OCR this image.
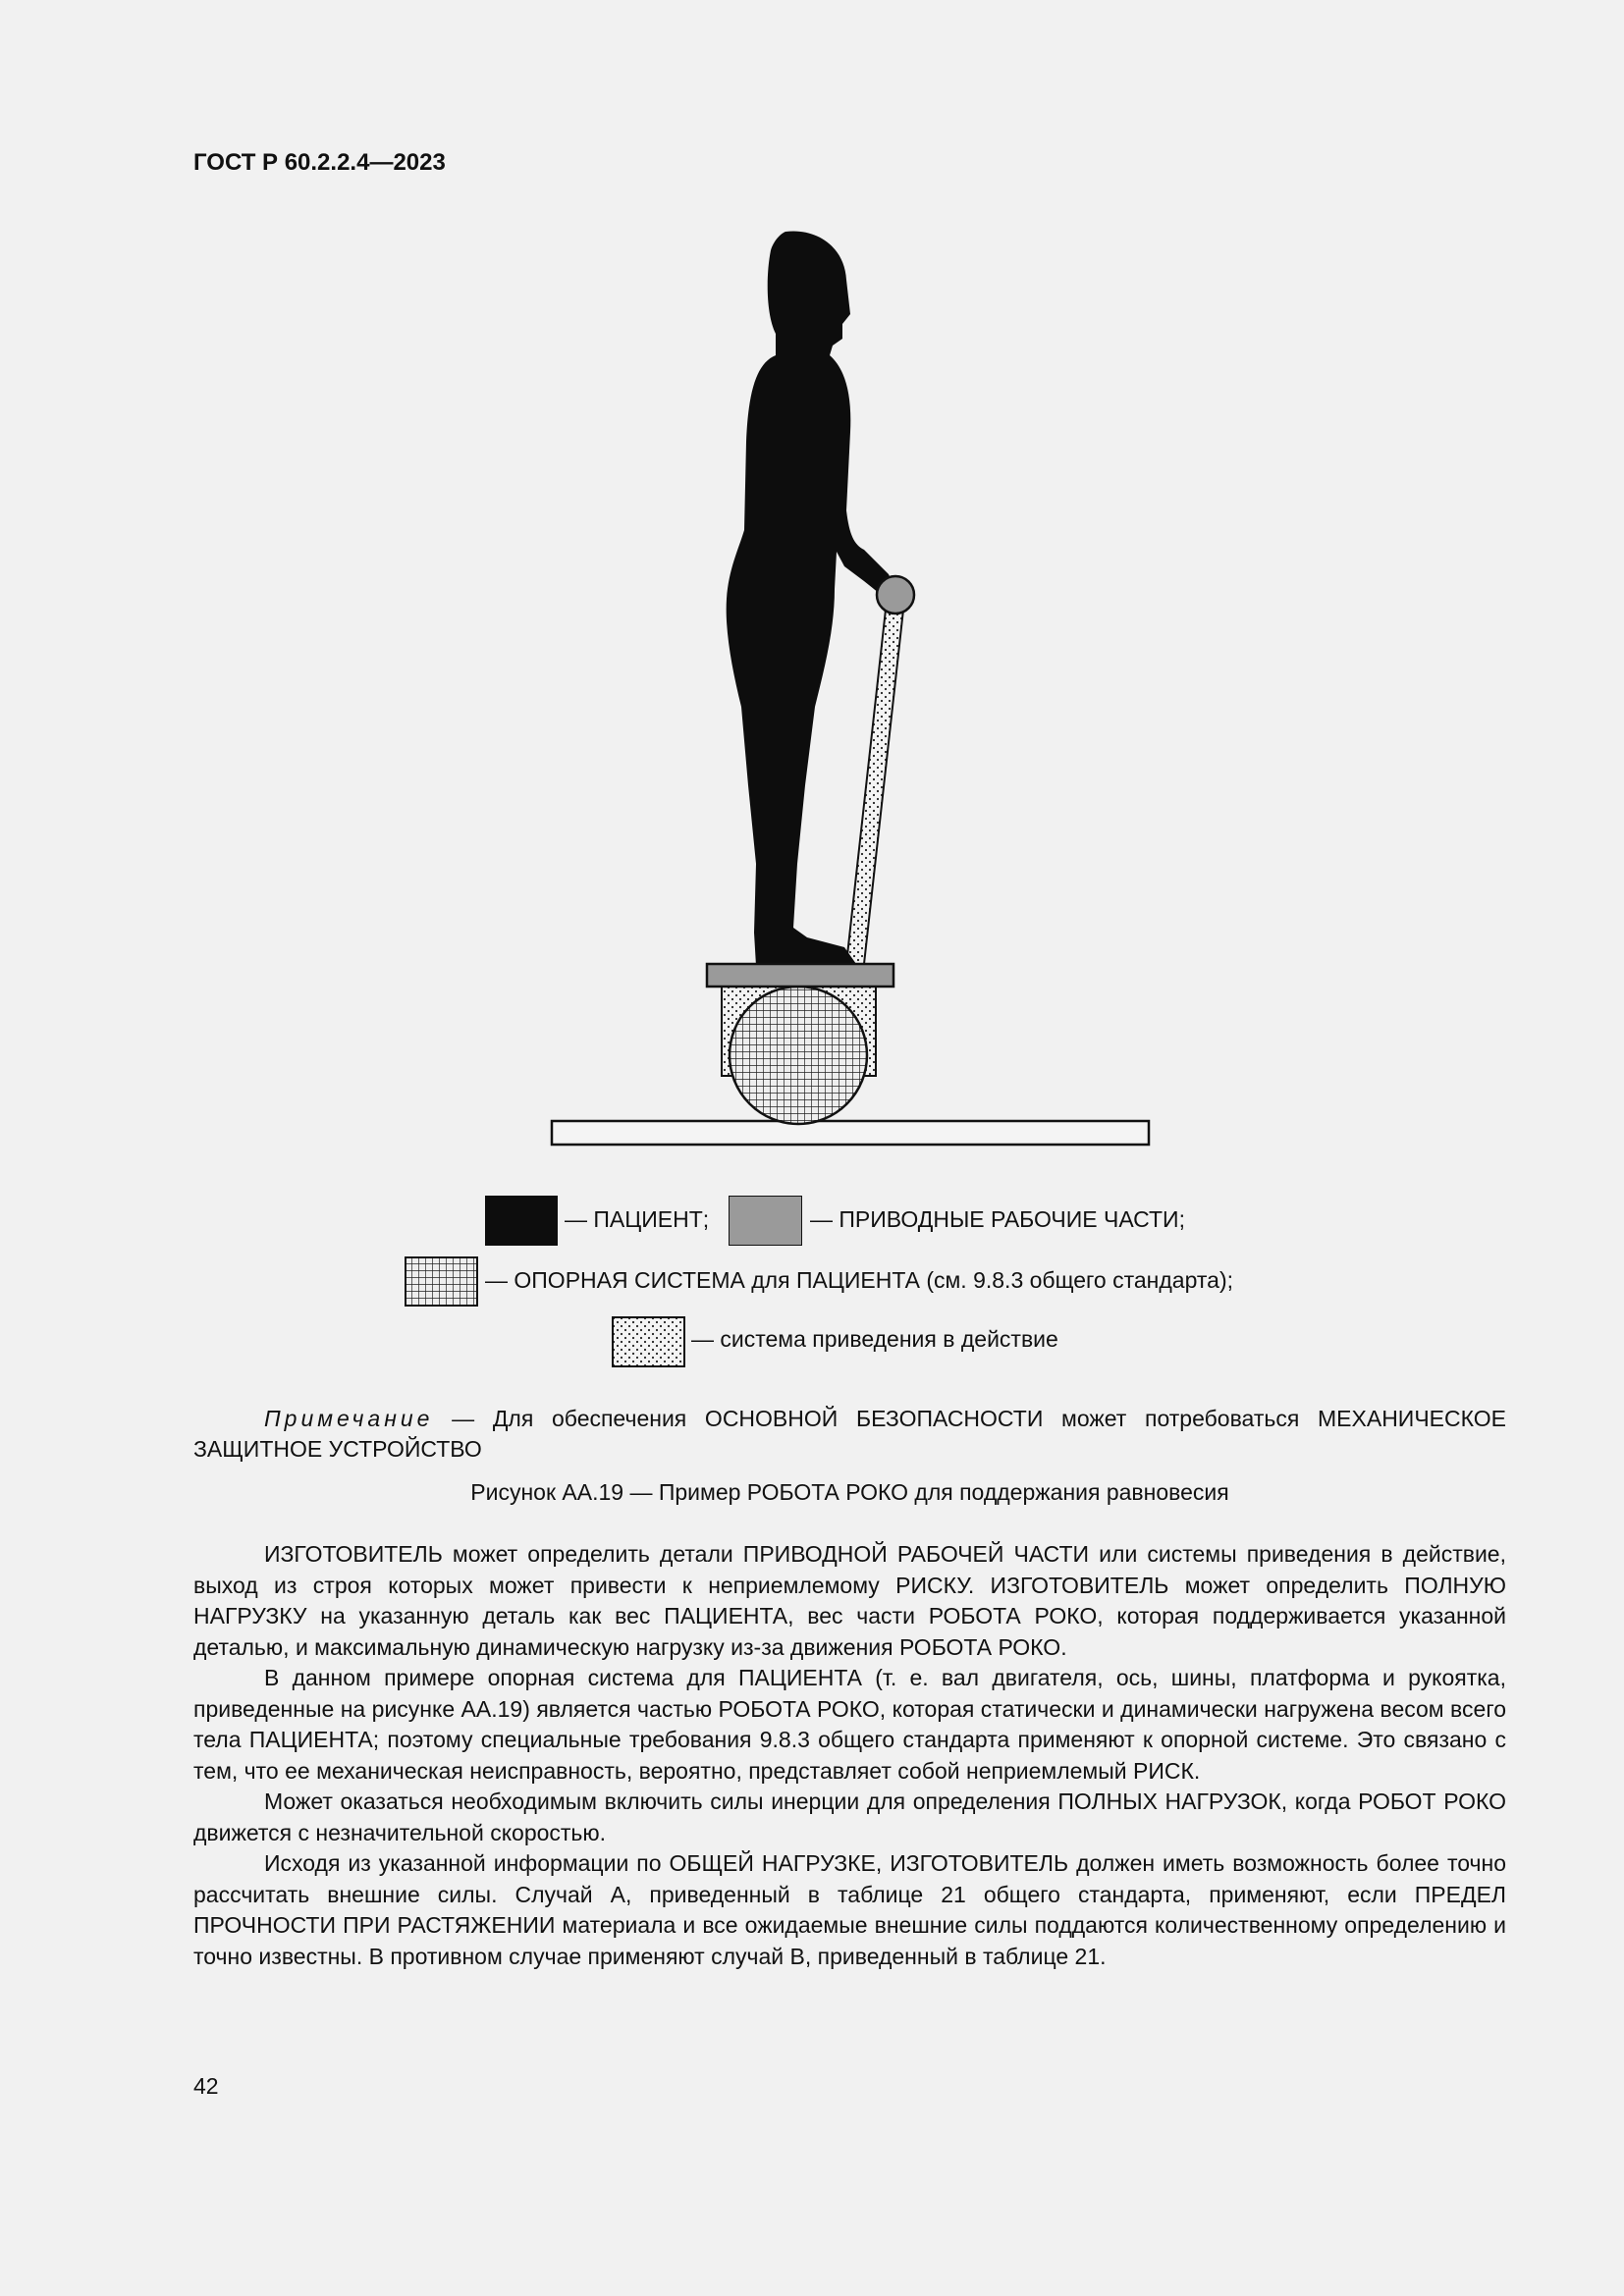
ГОСТ Р 60.2.2.4—2023
— ПАЦИЕНТ;	— ПРИВОДНЫЕ РАБОЧИЕ ЧАСТИ;
— ОПОРНАЯ СИСТЕМА для ПАЦИЕНТА (см. 9.8.3 общего стандарта);
— система приведения в действие
Примечание — Для обеспечения ОСНОВНОЙ БЕЗОПАСНОСТИ может потребоваться МЕХАНИЧЕСКОЕ ЗАЩИТНОЕ УСТРОЙСТВО
Рисунок АА.19 — Пример РОБОТА РОКО для поддержания равновесия

ИЗГОТОВИТЕЛЬ может определить детали ПРИВОДНОЙ РАБОЧЕЙ ЧАСТИ или системы приведения в действие, выход из строя которых может привести к неприемлемому РИСКУ. ИЗГОТОВИТЕЛЬ может определить ПОЛНУЮ НАГРУЗКУ на указанную деталь как вес ПАЦИЕНТА, вес части РОБОТА РОКО, которая поддерживается указанной деталью, и максимальную динамическую нагрузку из-за движения РОБОТА РОКО.

В данном примере опорная система для ПАЦИЕНТА (т. е. вал двигателя, ось, шины, платформа и рукоятка, приведенные на рисунке АА.19) является частью РОБОТА РОКО, которая статически и динамически нагружена весом всего тела ПАЦИЕНТА; поэтому специальные требования 9.8.3 общего стандарта применяют к опорной системе. Это связано с тем, что ее механическая неисправность, вероятно, представляет собой неприемлемый РИСК.

Может оказаться необходимым включить силы инерции для определения ПОЛНЫХ НАГРУЗОК, когда РОБОТ РОКО движется с незначительной скоростью.

Исходя из указанной информации по ОБЩЕЙ НАГРУЗКЕ, ИЗГОТОВИТЕЛЬ должен иметь возможность более точно рассчитать внешние силы. Случай А, приведенный в таблице 21 общего стандарта, применяют, если ПРЕДЕЛ ПРОЧНОСТИ ПРИ РАСТЯЖЕНИИ материала и все ожидаемые внешние силы поддаются количественному определению и точно известны. В противном случае применяют случай В, приведенный в таблице 21.

42
